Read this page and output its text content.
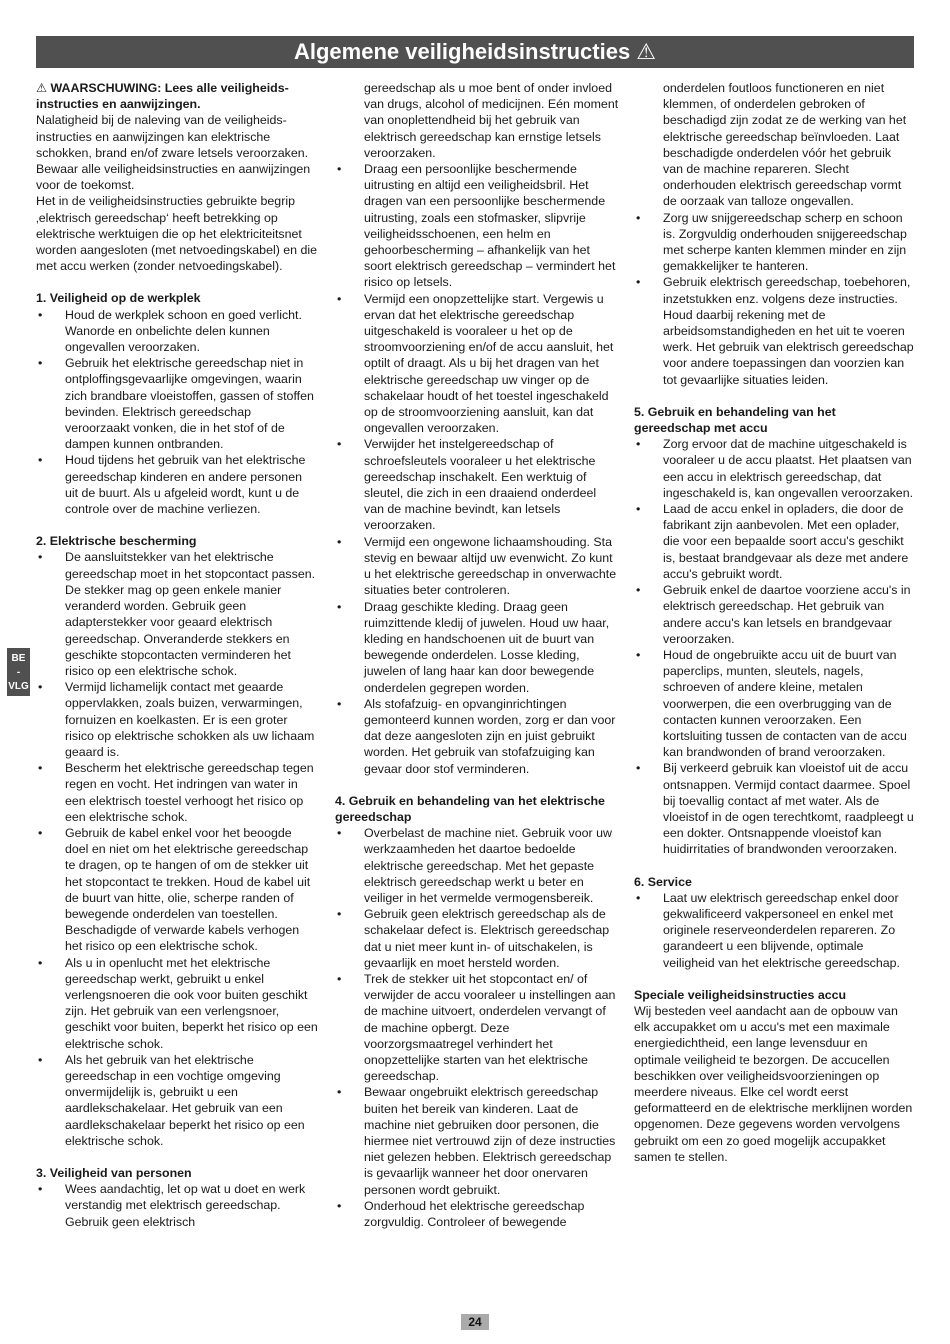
Algemene veiligheidsinstructies ⚠
BE
-
VLG

⚠ WAARSCHUWING: Lees alle veiligheids-instructies en aanwijzingen.

Nalatigheid bij de naleving van de veiligheids-instructies en aanwijzingen kan elektrische schokken, brand en/of zware letsels veroorzaken.

Bewaar alle veiligheidsinstructies en aanwijzingen voor de toekomst.

Het in de veiligheidsinstructies gebruikte begrip ‚elektrisch gereedschap‘ heeft betrekking op elektrische werktuigen die op het elektriciteitsnet worden aangesloten (met netvoedingskabel) en die met accu werken (zonder netvoedingskabel).

1. Veiligheid op de werkplek

• Houd de werkplek schoon en goed verlicht. Wanorde en onbelichte delen kunnen ongevallen veroorzaken.
• Gebruik het elektrische gereedschap niet in ontploffingsgevaarlijke omgevingen, waarin zich brandbare vloeistoffen, gassen of stoffen bevinden. Elektrisch gereedschap veroorzaakt vonken, die in het stof of de dampen kunnen ontbranden.
• Houd tijdens het gebruik van het elektrische gereedschap kinderen en andere personen uit de buurt. Als u afgeleid wordt, kunt u de controle over de machine verliezen.

2. Elektrische bescherming

• De aansluitstekker van het elektrische gereedschap moet in het stopcontact passen. De stekker mag op geen enkele manier veranderd worden. Gebruik geen adapterstekker voor geaard elektrisch gereedschap. Onveranderde stekkers en geschikte stopcontacten verminderen het risico op een elektrische schok.
• Vermijd lichamelijk contact met geaarde oppervlakken, zoals buizen, verwarmingen, fornuizen en koelkasten. Er is een groter risico op elektrische schokken als uw lichaam geaard is.
• Bescherm het elektrische gereedschap tegen regen en vocht. Het indringen van water in een elektrisch toestel verhoogt het risico op een elektrische schok.
• Gebruik de kabel enkel voor het beoogde doel en niet om het elektrische gereedschap te dragen, op te hangen of om de stekker uit het stopcontact te trekken. Houd de kabel uit de buurt van hitte, olie, scherpe randen of bewegende onderdelen van toestellen. Beschadigde of verwarde kabels verhogen het risico op een elektrische schok.
• Als u in openlucht met het elektrische gereedschap werkt, gebruikt u enkel verlengsnoeren die ook voor buiten geschikt zijn. Het gebruik van een verlengsnoer, geschikt voor buiten, beperkt het risico op een elektrische schok.
• Als het gebruik van het elektrische gereedschap in een vochtige omgeving onvermijdelijk is, gebruikt u een aardlekschakelaar. Het gebruik van een aardlekschakelaar beperkt het risico op een elektrische schok.

3. Veiligheid van personen

• Wees aandachtig, let op wat u doet en werk verstandig met elektrisch gereedschap. Gebruik geen elektrisch

gereedschap als u moe bent of onder invloed van drugs, alcohol of medicijnen. Eén moment van onoplettendheid bij het gebruik van elektrisch gereedschap kan ernstige letsels veroorzaken.

• Draag een persoonlijke beschermende uitrusting en altijd een veiligheidsbril. Het dragen van een persoonlijke beschermende uitrusting, zoals een stofmasker, slipvrije veiligheidsschoenen, een helm en gehoorbescherming – afhankelijk van het soort elektrisch gereedschap – vermindert het risico op letsels.
• Vermijd een onopzettelijke start. Vergewis u ervan dat het elektrische gereedschap uitgeschakeld is vooraleer u het op de stroomvoorziening en/of de accu aansluit, het optilt of draagt. Als u bij het dragen van het elektrische gereedschap uw vinger op de schakelaar houdt of het toestel ingeschakeld op de stroomvoorziening aansluit, kan dat ongevallen veroorzaken.
• Verwijder het instelgereedschap of schroefsleutels vooraleer u het elektrische gereedschap inschakelt. Een werktuig of sleutel, die zich in een draaiend onderdeel van de machine bevindt, kan letsels veroorzaken.
• Vermijd een ongewone lichaamshouding. Sta stevig en bewaar altijd uw evenwicht. Zo kunt u het elektrische gereedschap in onverwachte situaties beter controleren.
• Draag geschikte kleding. Draag geen ruimzittende kledij of juwelen. Houd uw haar, kleding en handschoenen uit de buurt van bewegende onderdelen. Losse kleding, juwelen of lang haar kan door bewegende onderdelen gegrepen worden.
• Als stofafzuig- en opvanginrichtingen gemonteerd kunnen worden, zorg er dan voor dat deze aangesloten zijn en juist gebruikt worden. Het gebruik van stofafzuiging kan gevaar door stof verminderen.

4. Gebruik en behandeling van het elektrische gereedschap

• Overbelast de machine niet. Gebruik voor uw werkzaamheden het daartoe bedoelde elektrische gereedschap. Met het gepaste elektrisch gereedschap werkt u beter en veiliger in het vermelde vermogensbereik.
• Gebruik geen elektrisch gereedschap als de schakelaar defect is. Elektrisch gereedschap dat u niet meer kunt in- of uitschakelen, is gevaarlijk en moet hersteld worden.
• Trek de stekker uit het stopcontact en/ of verwijder de accu vooraleer u instellingen aan de machine uitvoert, onderdelen vervangt of de machine opbergt. Deze voorzorgsmaatregel verhindert het onopzettelijke starten van het elektrische gereedschap.
• Bewaar ongebruikt elektrisch gereedschap buiten het bereik van kinderen. Laat de machine niet gebruiken door personen, die hiermee niet vertrouwd zijn of deze instructies niet gelezen hebben. Elektrisch gereedschap is gevaarlijk wanneer het door onervaren personen wordt gebruikt.
• Onderhoud het elektrische gereedschap zorgvuldig. Controleer of bewegende

onderdelen foutloos functioneren en niet klemmen, of onderdelen gebroken of beschadigd zijn zodat ze de werking van het elektrische gereedschap beïnvloeden. Laat beschadigde onderdelen vóór het gebruik van de machine repareren. Slecht onderhouden elektrisch gereedschap vormt de oorzaak van talloze ongevallen.

• Zorg uw snijgereedschap scherp en schoon is. Zorgvuldig onderhouden snijgereedschap met scherpe kanten klemmen minder en zijn gemakkelijker te hanteren.
• Gebruik elektrisch gereedschap, toebehoren, inzetstukken enz. volgens deze instructies. Houd daarbij rekening met de arbeidsomstandigheden en het uit te voeren werk. Het gebruik van elektrisch gereedschap voor andere toepassingen dan voorzien kan tot gevaarlijke situaties leiden.

5. Gebruik en behandeling van het gereedschap met accu

• Zorg ervoor dat de machine uitgeschakeld is vooraleer u de accu plaatst. Het plaatsen van een accu in elektrisch gereedschap, dat ingeschakeld is, kan ongevallen veroorzaken.
• Laad de accu enkel in opladers, die door de fabrikant zijn aanbevolen. Met een oplader, die voor een bepaalde soort accu's geschikt is, bestaat brandgevaar als deze met andere accu's gebruikt wordt.
• Gebruik enkel de daartoe voorziene accu's in elektrisch gereedschap. Het gebruik van andere accu's kan letsels en brandgevaar veroorzaken.
• Houd de ongebruikte accu uit de buurt van paperclips, munten, sleutels, nagels, schroeven of andere kleine, metalen voorwerpen, die een overbrugging van de contacten kunnen veroorzaken. Een kortsluiting tussen de contacten van de accu kan brandwonden of brand veroorzaken.
• Bij verkeerd gebruik kan vloeistof uit de accu ontsnappen. Vermijd contact daarmee. Spoel bij toevallig contact af met water. Als de vloeistof in de ogen terechtkomt, raadpleegt u een dokter. Ontsnappende vloeistof kan huidirritaties of brandwonden veroorzaken.

6. Service

• Laat uw elektrisch gereedschap enkel door gekwalificeerd vakpersoneel en enkel met originele reserveonderdelen repareren. Zo garandeert u een blijvende, optimale veiligheid van het elektrische gereedschap.

Speciale veiligheidsinstructies accu

Wij besteden veel aandacht aan de opbouw van elk accupakket om u accu's met een maximale energiedichtheid, een lange levensduur en optimale veiligheid te bezorgen. De accucellen beschikken over veiligheidsvoorzieningen op meerdere niveaus. Elke cel wordt eerst geformatteerd en de elektrische merklijnen worden opgenomen. Deze gegevens worden vervolgens gebruikt om een zo goed mogelijk accupakket samen te stellen.

24
